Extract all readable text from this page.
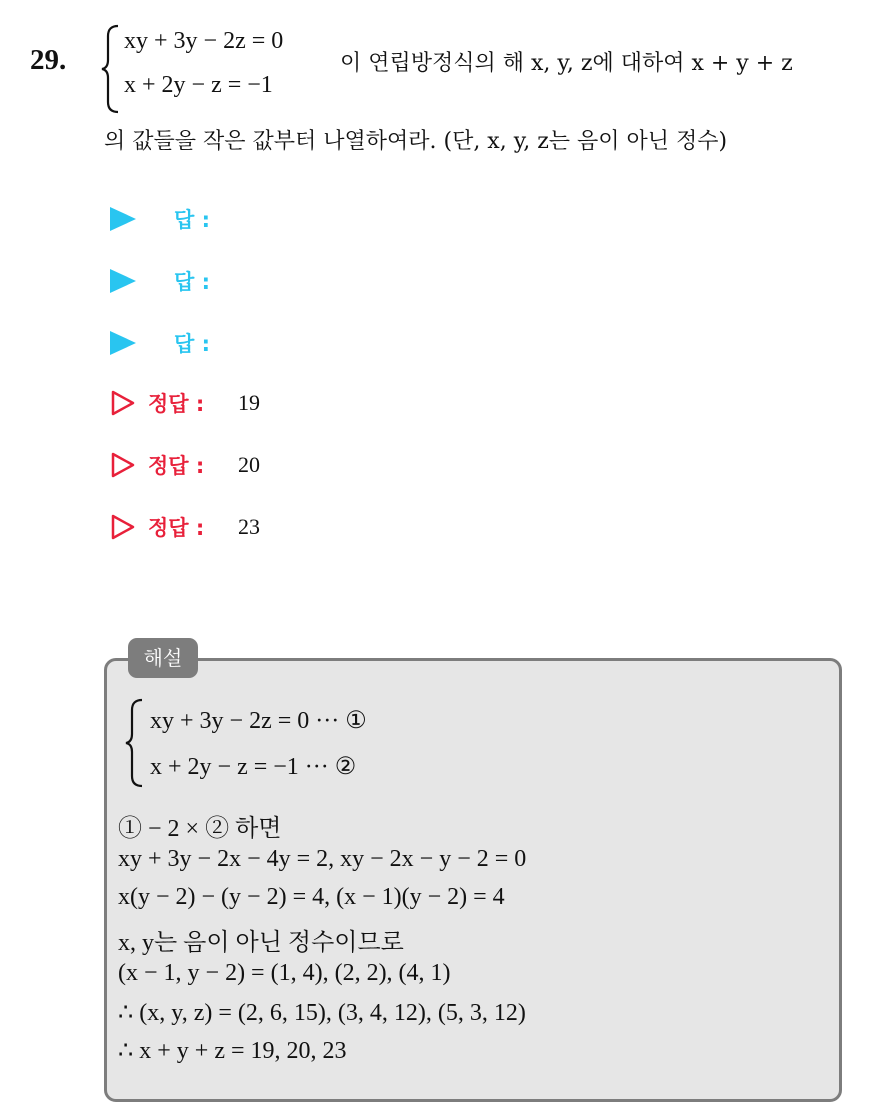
29.
xy + 3y − 2z = 0
x + 2y − z = −1
이 연립방정식의 해 x, y, z에 대하여 x + y + z
의 값들을 작은 값부터 나열하여라. (단, x, y, z는 음이 아닌 정수)
답 :
답 :
답 :
정답 : 19
정답 : 20
정답 : 23
해설
xy + 3y − 2z = 0 ··· ①
x + 2y − z = −1 ··· ②
① − 2 × ② 하면
xy + 3y − 2x − 4y = 2, xy − 2x − y − 2 = 0
x(y − 2) − (y − 2) = 4, (x − 1)(y − 2) = 4
x, y는 음이 아닌 정수이므로
(x − 1, y − 2) = (1, 4), (2, 2), (4, 1)
∴ (x, y, z) = (2, 6, 15), (3, 4, 12), (5, 3, 12)
∴ x + y + z = 19, 20, 23
